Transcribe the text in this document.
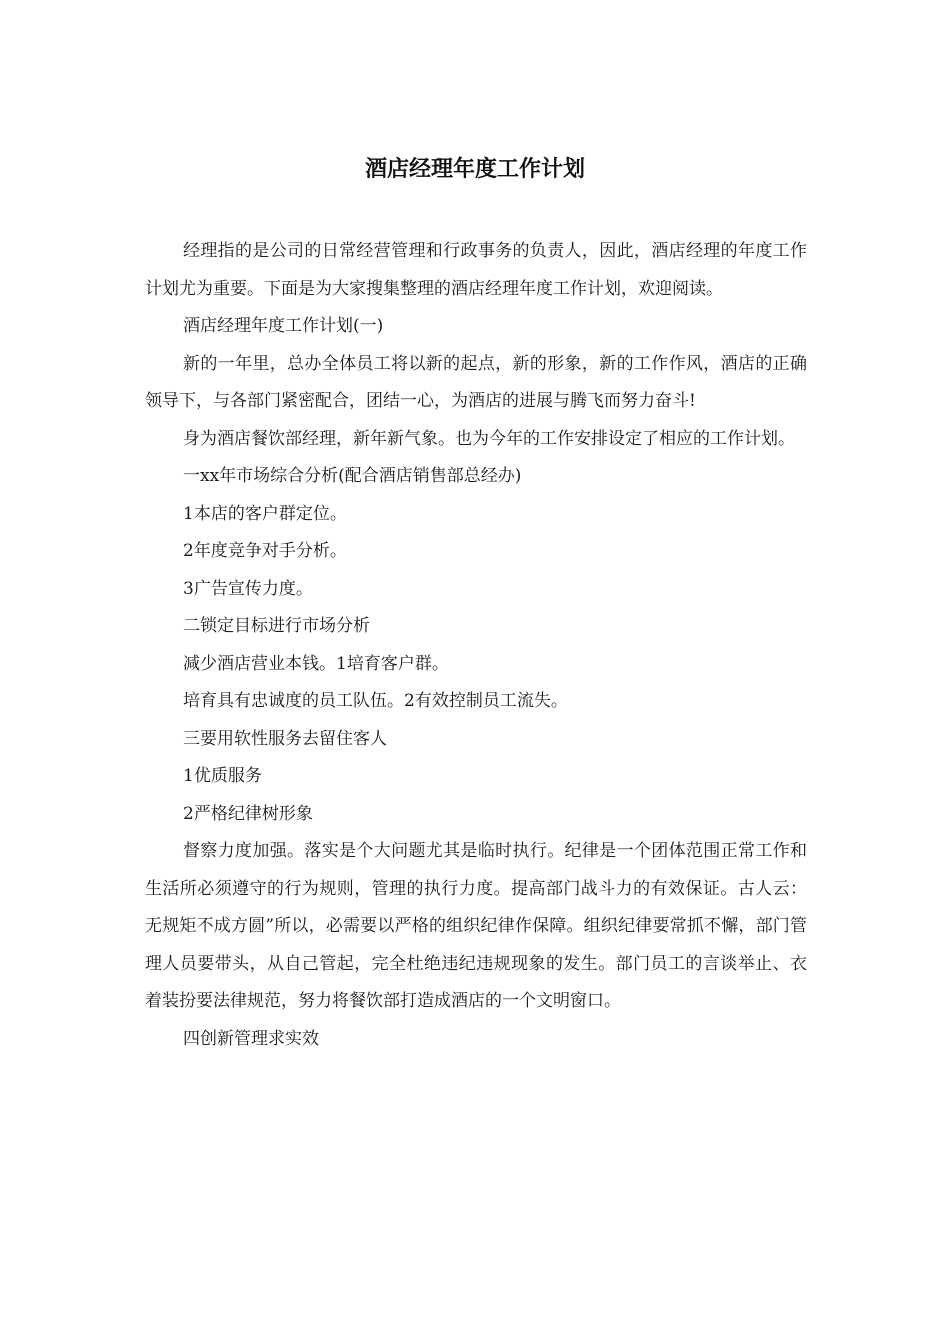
酒店经理年度工作计划

经理指的是公司的日常经营管理和行政事务的负责人，因此，酒店经理的年度工作计划尤为重要。下面是为大家搜集整理的酒店经理年度工作计划，欢迎阅读。

酒店经理年度工作计划(一)

新的一年里，总办全体员工将以新的起点，新的形象，新的工作作风，酒店的正确领导下，与各部门紧密配合，团结一心，为酒店的进展与腾飞而努力奋斗!

身为酒店餐饮部经理，新年新气象。也为今年的工作安排设定了相应的工作计划。

一xx年市场综合分析(配合酒店销售部总经办)

1本店的客户群定位。

2年度竞争对手分析。

3广告宣传力度。

二锁定目标进行市场分析

减少酒店营业本钱。1培育客户群。

培育具有忠诚度的员工队伍。2有效控制员工流失。

三要用软性服务去留住客人

1优质服务

2严格纪律树形象

督察力度加强。落实是个大问题尤其是临时执行。纪律是一个团体范围正常工作和生活所必须遵守的行为规则，管理的执行力度。提高部门战斗力的有效保证。古人云：无规矩不成方圆”所以，必需要以严格的组织纪律作保障。组织纪律要常抓不懈，部门管理人员要带头，从自己管起，完全杜绝违纪违规现象的发生。部门员工的言谈举止、衣着装扮要法律规范，努力将餐饮部打造成酒店的一个文明窗口。

四创新管理求实效
